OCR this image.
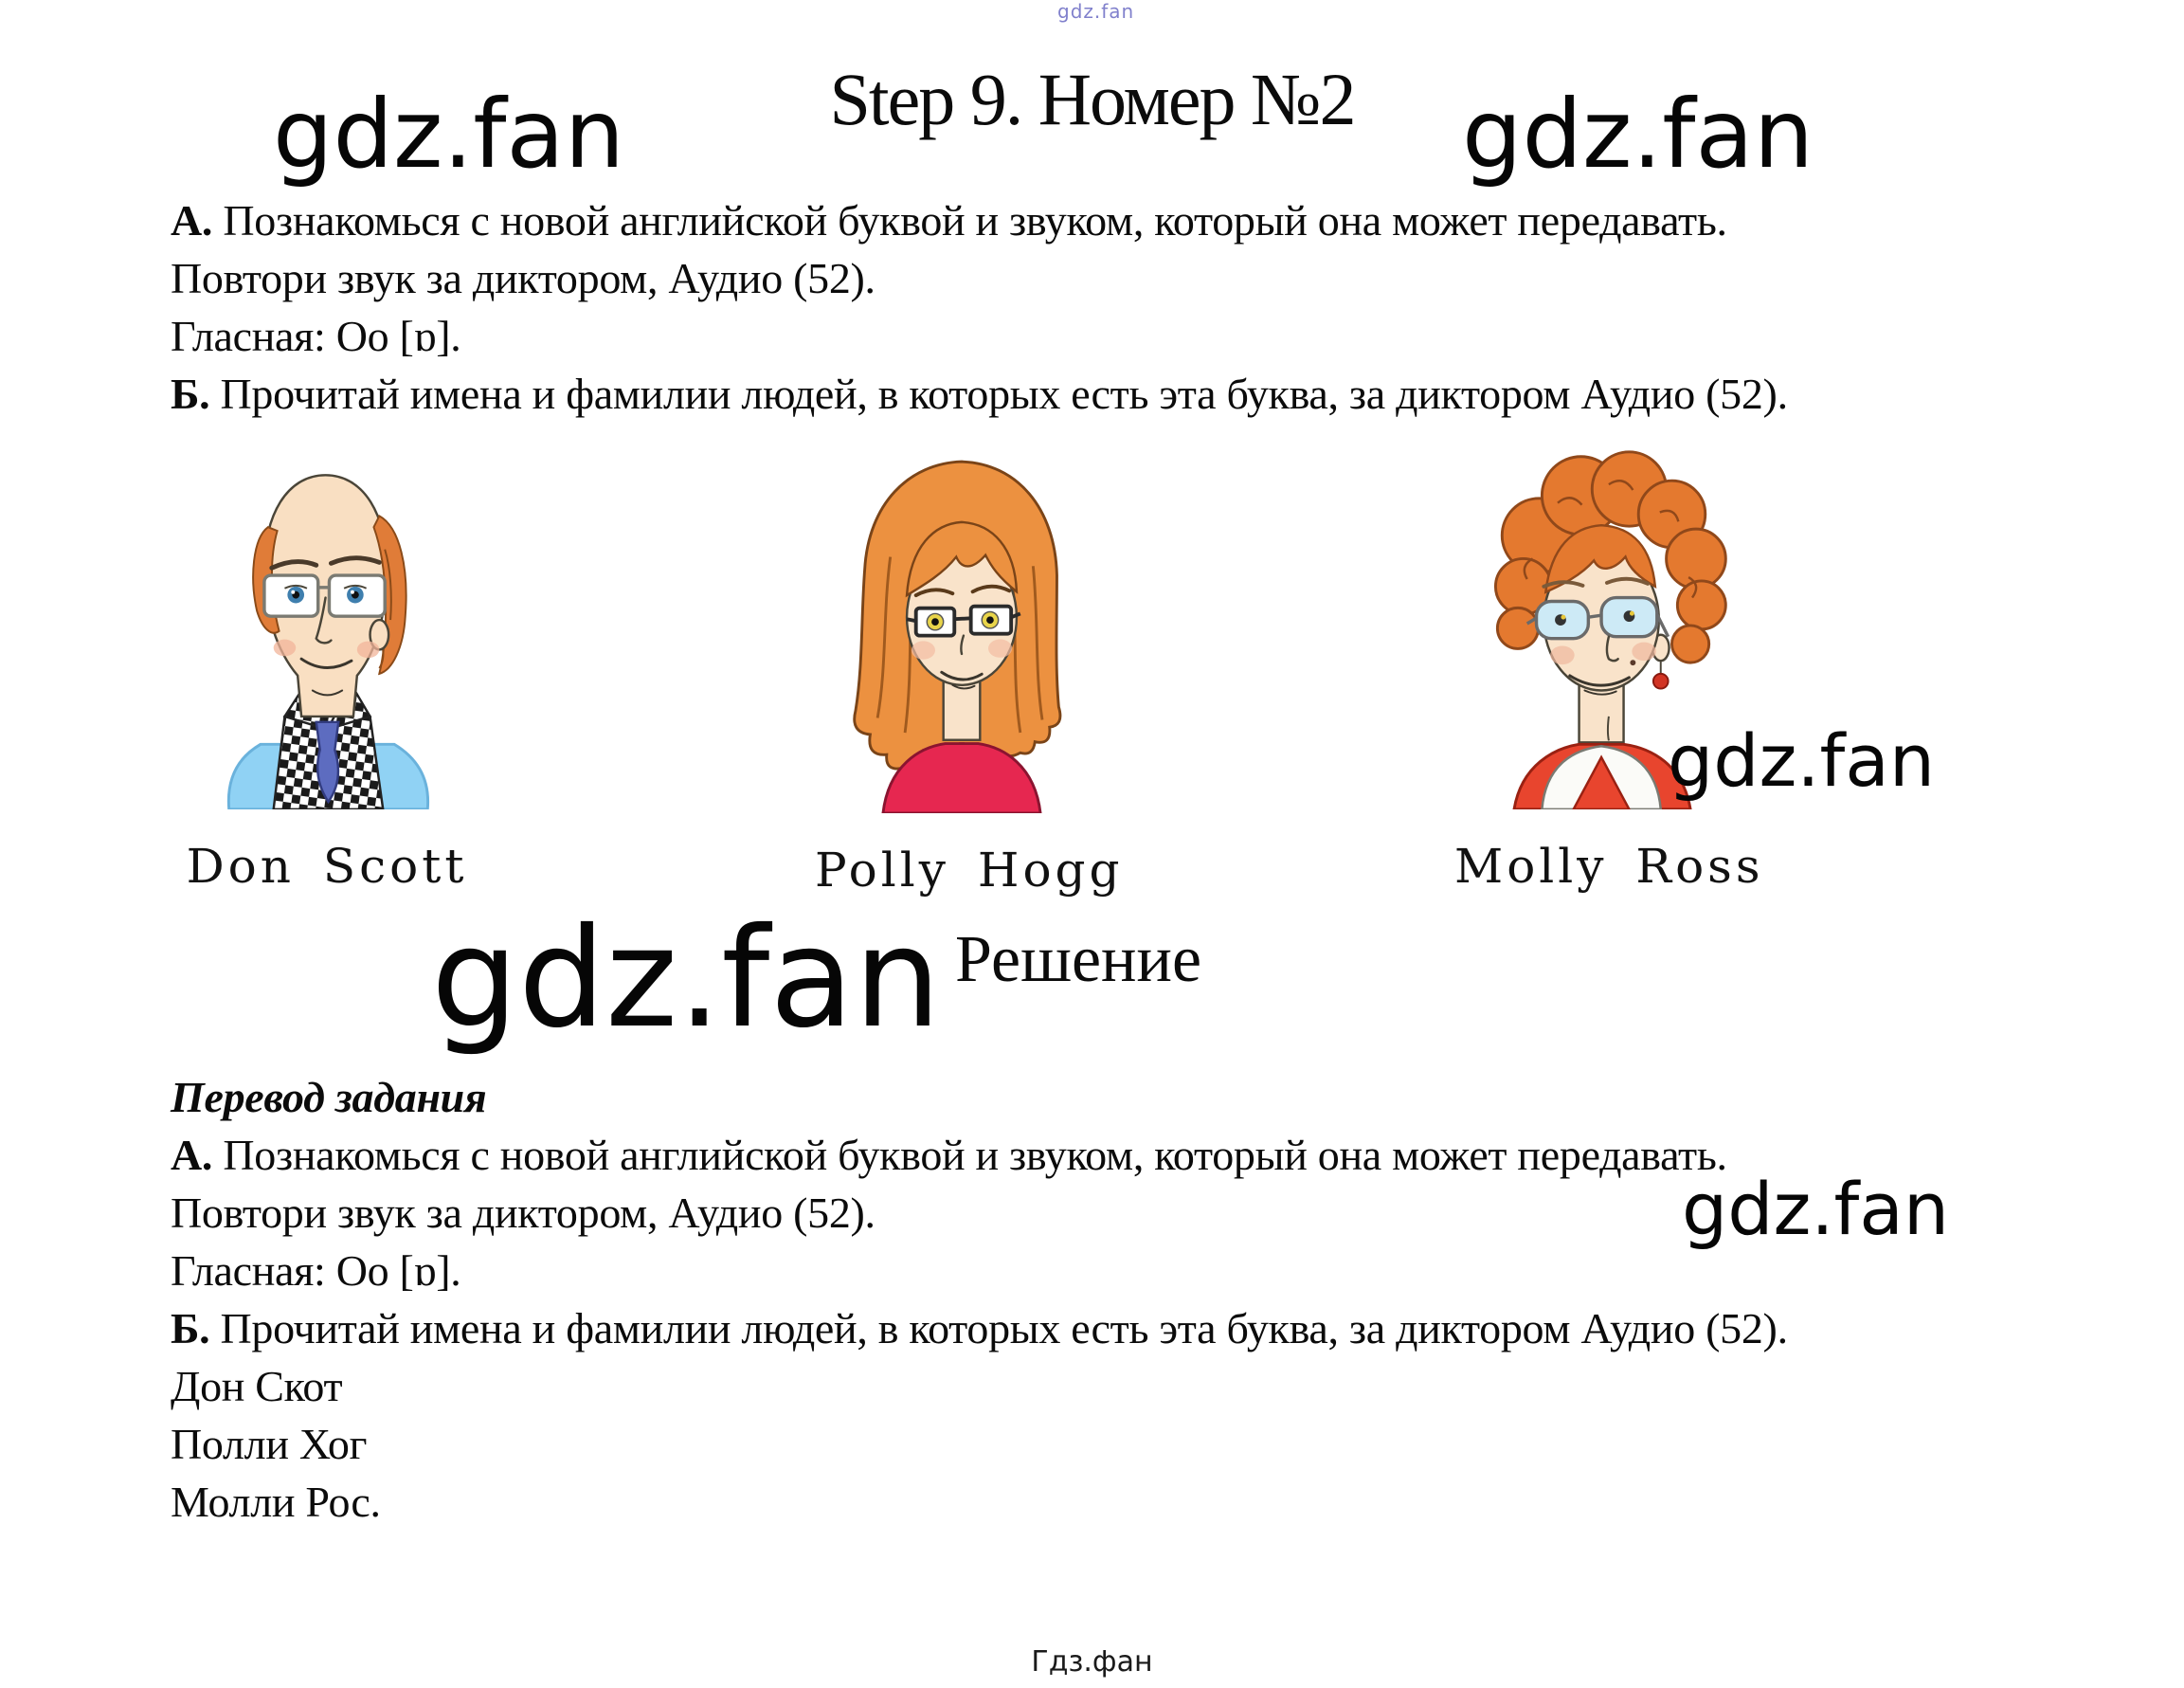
gdz.fan
Step 9. Номер №2
gdz.fan	gdz.fan

А. Познакомься с новой английской буквой и звуком, который она может передавать.

Повтори звук за диктором, Аудио (52).

Гласная: Оо [ɒ].

Б. Прочитай имена и фамилии людей, в которых есть эта буква, за диктором Аудио (52).

Don Scott	Polly Hogg	Molly Ross
gdz.fan
gdz.fan Решение

Перевод задания

А. Познакомься с новой английской буквой и звуком, который она может передавать.

Повтори звук за диктором, Аудио (52).

Гласная: Оо [ɒ].

Б. Прочитай имена и фамилии людей, в которых есть эта буква, за диктором Аудио (52).

Дон Скот

Полли Хог

Молли Рос.

gdz.fan
Гдз.фан
